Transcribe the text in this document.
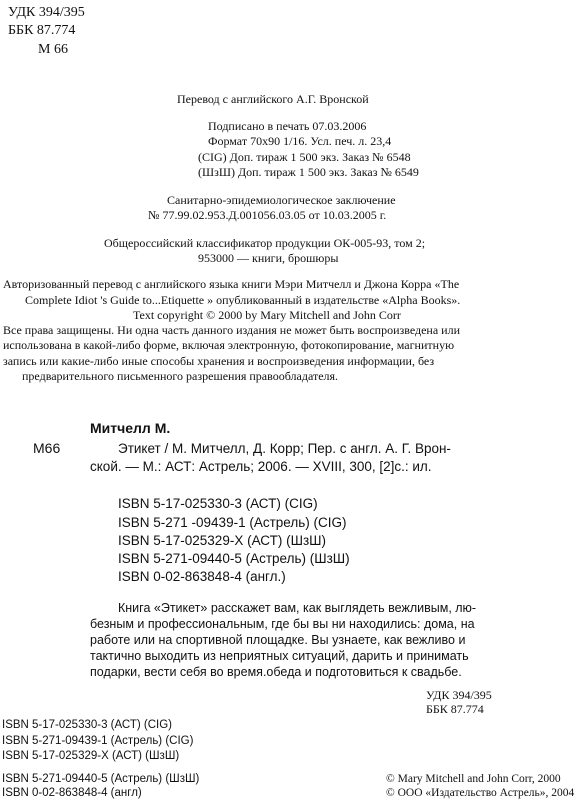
УДК 394/395
ББК 87.774
М 66
Перевод с английского А.Г. Вронской
Подписано в печать 07.03.2006
Формат 70х90 1/16. Усл. печ. л. 23,4
(CIG) Доп. тираж 1 500 экз. Заказ № 6548
(ШзШ) Доп. тираж 1 500 экз. Заказ № 6549
Санитарно-эпидемиологическое заключение
№ 77.99.02.953.Д.001056.03.05 от 10.03.2005 г.
Общероссийский классификатор продукции ОК-005-93, том 2;
953000 — книги, брошюры
Авторизованный перевод с английского языка книги Мэри Митчелл и Джона Корра «The
Complete Idiot 's Guide to...Etiquette » опубликованный в издательстве «Alpha Books».
Text copyright © 2000 by Mary Mitchell and John Corr
Все права защищены. Ни одна часть данного издания не может быть воспроизведена или
использована в какой-либо форме, включая электронную, фотокопирование, магнитную
запись или какие-либо иные способы хранения и воспроизведения информации, без
предварительного письменного разрешения правообладателя.
Митчелл М.
М66	Этикет / М. Митчелл, Д. Корр; Пер. с англ. А. Г. Врон-
ской. — М.: АСТ: Астрель; 2006. — XVIII, 300, [2]с.: ил.
ISBN 5-17-025330-3 (АСТ) (CIG)
ISBN 5-271 -09439-1 (Астрель) (CIG)
ISBN 5-17-025329-Х (АСТ) (ШзШ)
ISBN 5-271-09440-5 (Астрель) (ШзШ)
ISBN 0-02-863848-4 (англ.)
Книга «Этикет» расскажет вам, как выглядеть вежливым, лю-
безным и профессиональным, где бы вы ни находились: дома, на
работе или на спортивной площадке. Вы узнаете, как вежливо и
тактично выходить из неприятных ситуаций, дарить и принимать
подарки, вести себя во время.обеда и подготовиться к свадьбе.
УДК 394/395
ББК 87.774
ISBN 5-17-025330-3 (АСТ) (CIG)
ISBN 5-271-09439-1 (Астрель) (CIG)
ISBN 5-17-025329-Х (АСТ) (ШзШ)
ISBN 5-271-09440-5 (Астрель) (ШзШ)
ISBN 0-02-863848-4 (англ)
© Mary Mitchell and John Corr, 2000
© ООО «Издательство Астрель», 2004
